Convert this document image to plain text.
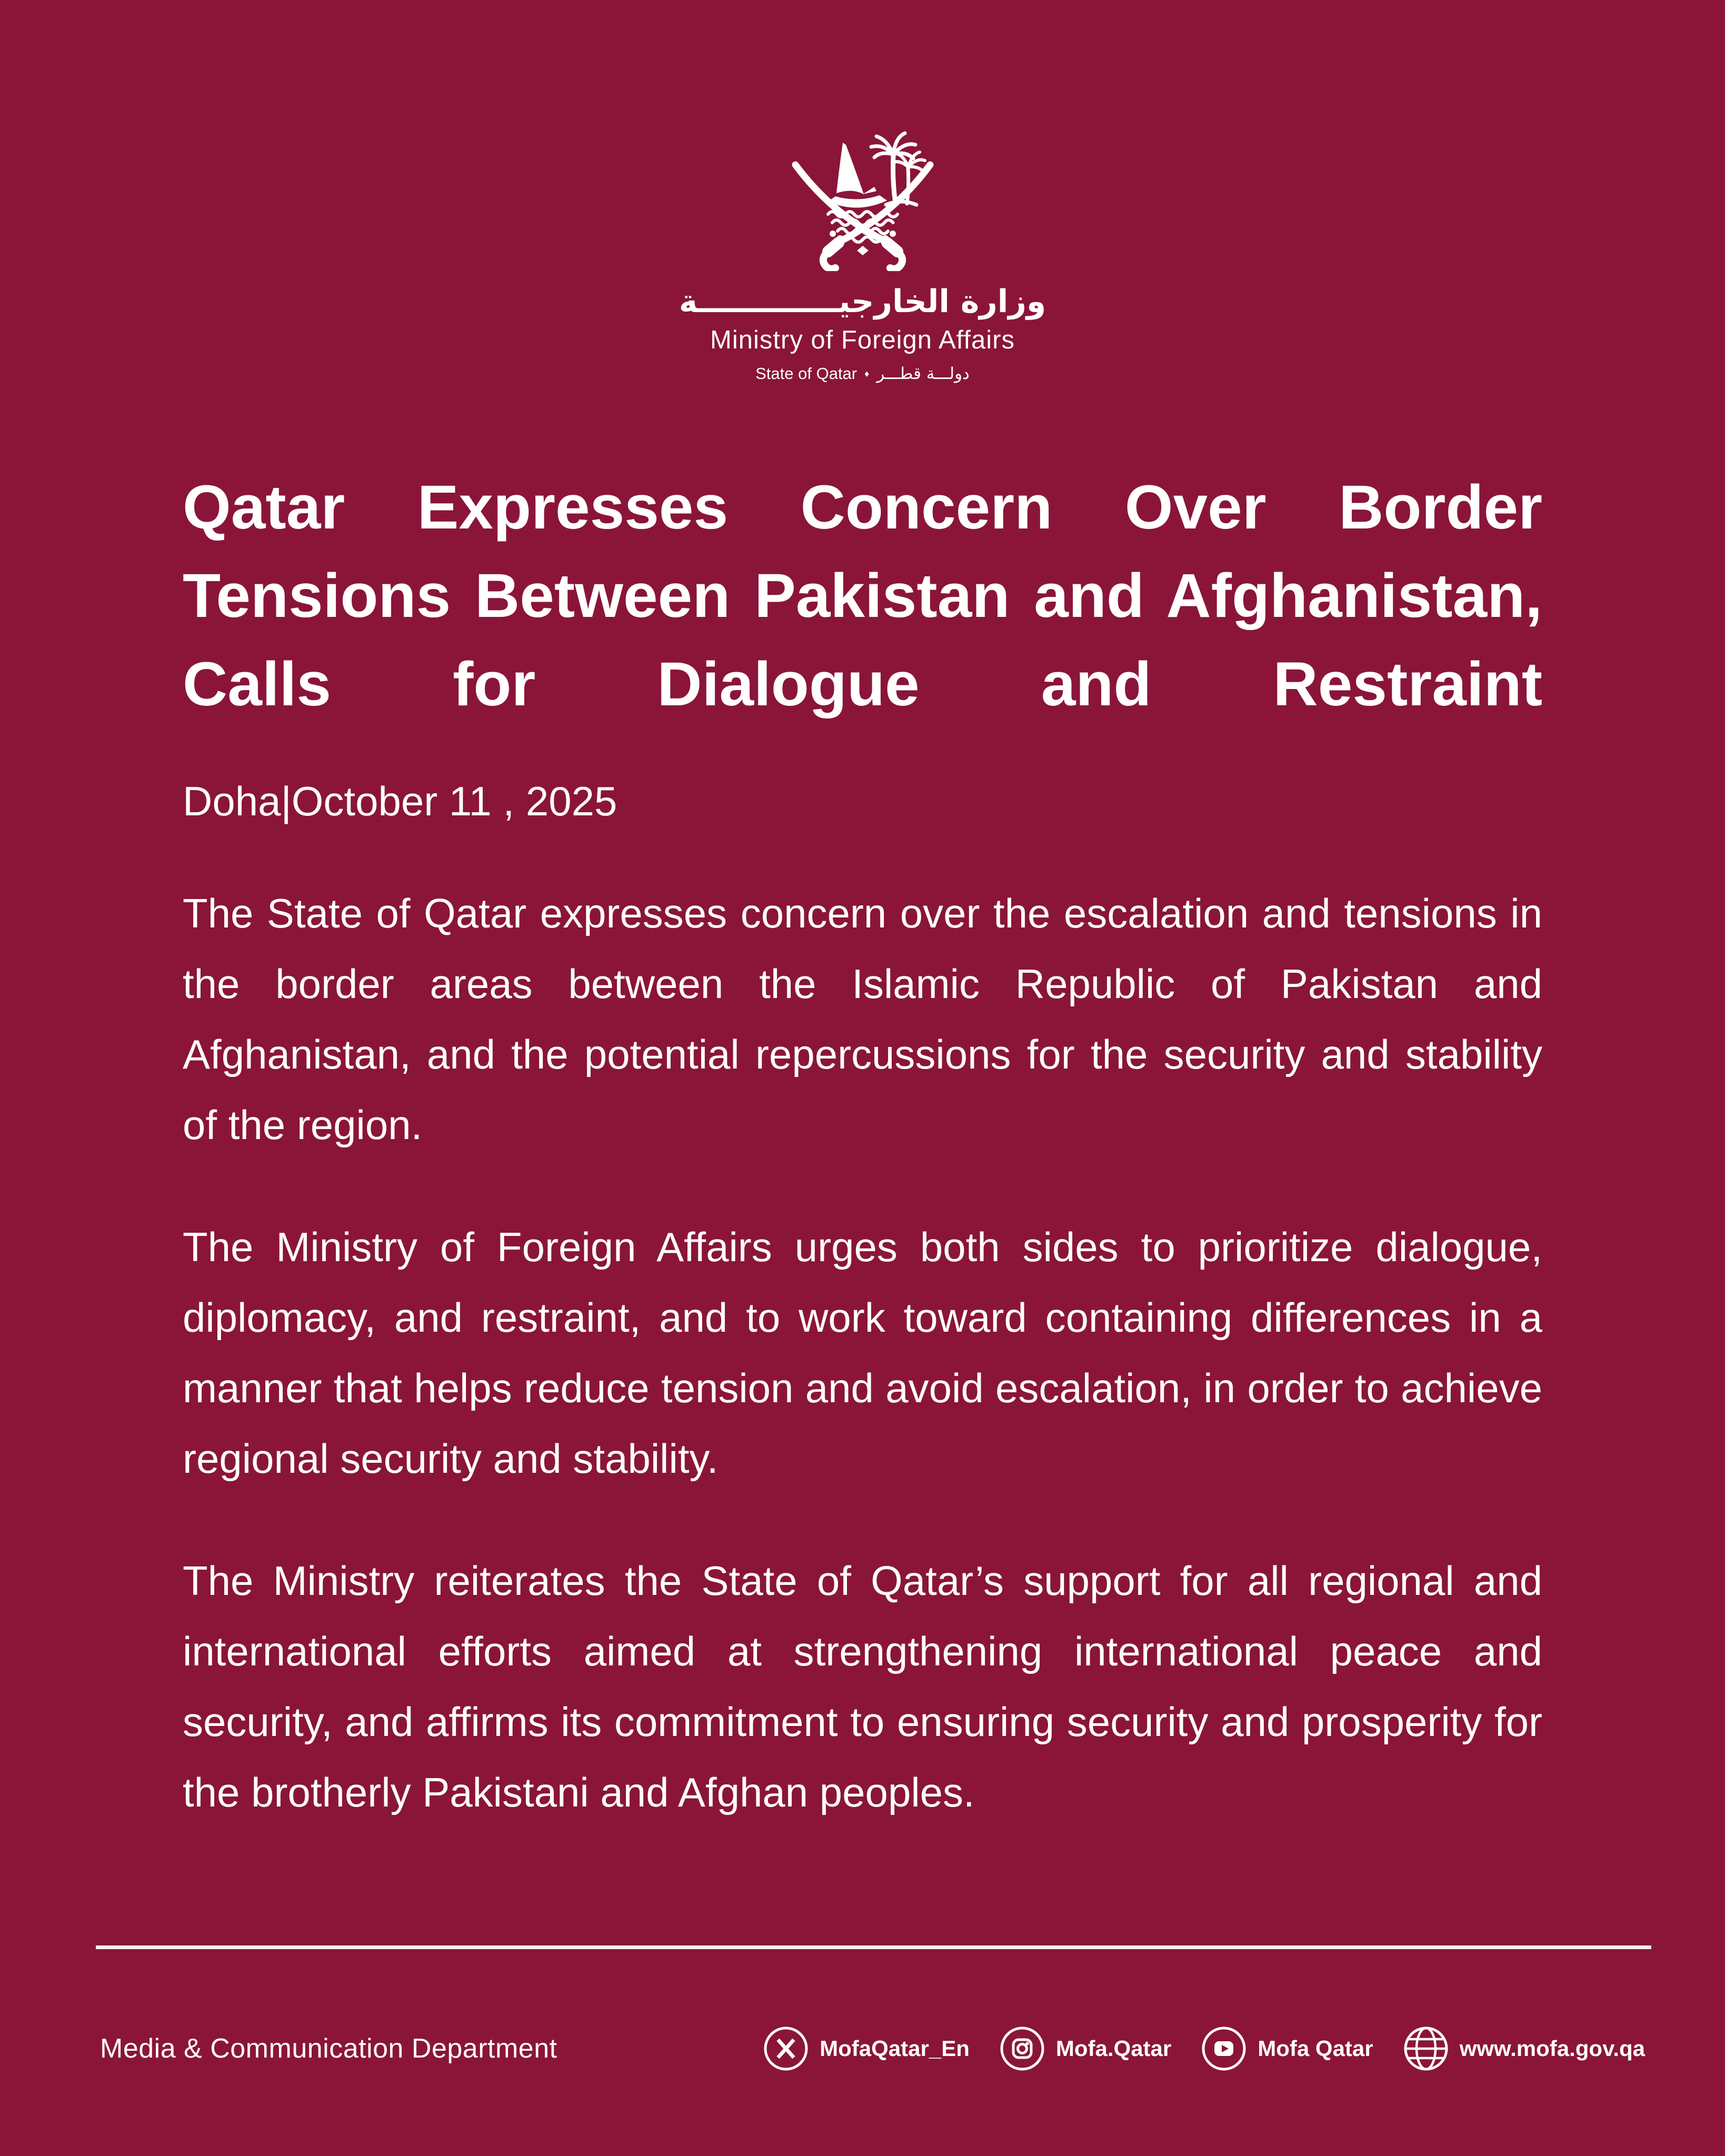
وزارة الخارجيـــــــــــــة
Ministry of Foreign Affairs
State of Qatar ♦ دولـــة قطـــر
Qatar Expresses Concern Over Border
Tensions Between Pakistan and Afghanistan,
Calls for Dialogue and Restraint
Doha|October 11 , 2025

The State of Qatar expresses concern over the escalation and tensions in the border areas between the Islamic Republic of Pakistan and Afghanistan, and the potential repercussions for the security and stability of the region.

The Ministry of Foreign Affairs urges both sides to prioritize dialogue, diplomacy, and restraint, and to work toward containing differences in a manner that helps reduce tension and avoid escalation, in order to achieve regional security and stability.

The Ministry reiterates the State of Qatar’s support for all regional and international efforts aimed at strengthening international peace and security, and affirms its commitment to ensuring security and prosperity for the brotherly Pakistani and Afghan peoples.

Media & Communication Department	MofaQatar_En	Mofa.Qatar	Mofa Qatar	www.mofa.gov.qa
